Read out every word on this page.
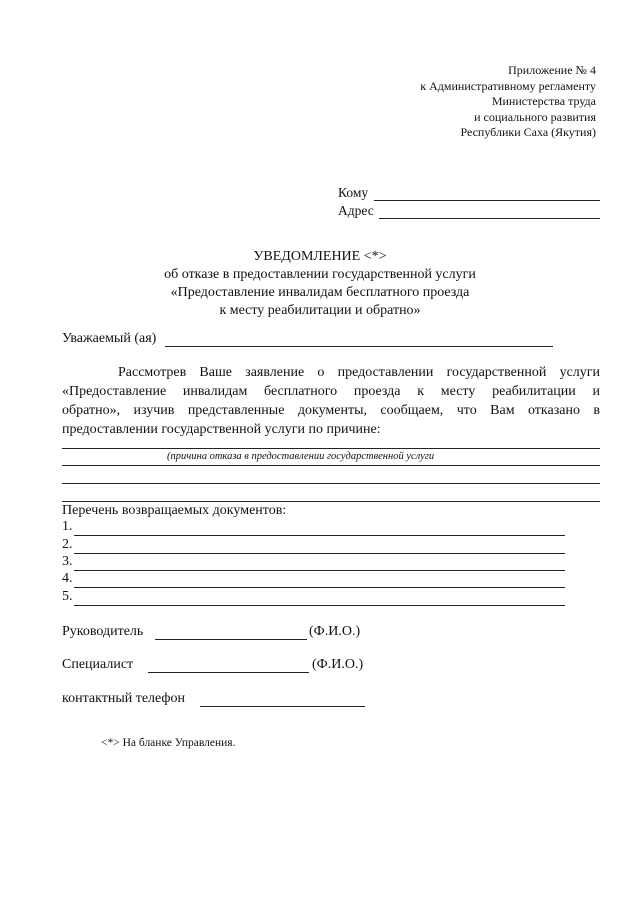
Приложение № 4
к Административному регламенту
Министерства труда
и социального развития
Республики Саха (Якутия)
Кому
Адрес
УВЕДОМЛЕНИЕ <*>
об отказе в предоставлении государственной услуги
«Предоставление инвалидам бесплатного проезда
к месту реабилитации и обратно»
Уважаемый (ая)
Рассмотрев Ваше заявление о предоставлении государственной услуги
«Предоставление инвалидам бесплатного проезда к месту реабилитации и
обратно», изучив представленные документы, сообщаем, что Вам отказано в
предоставлении государственной услуги по причине:
(причина отказа в предоставлении государственной услуги
Перечень возвращаемых документов:
1.
2.
3.
4.
5.
Руководитель	(Ф.И.О.)
Специалист	(Ф.И.О.)
контактный телефон
<*> На бланке Управления.
